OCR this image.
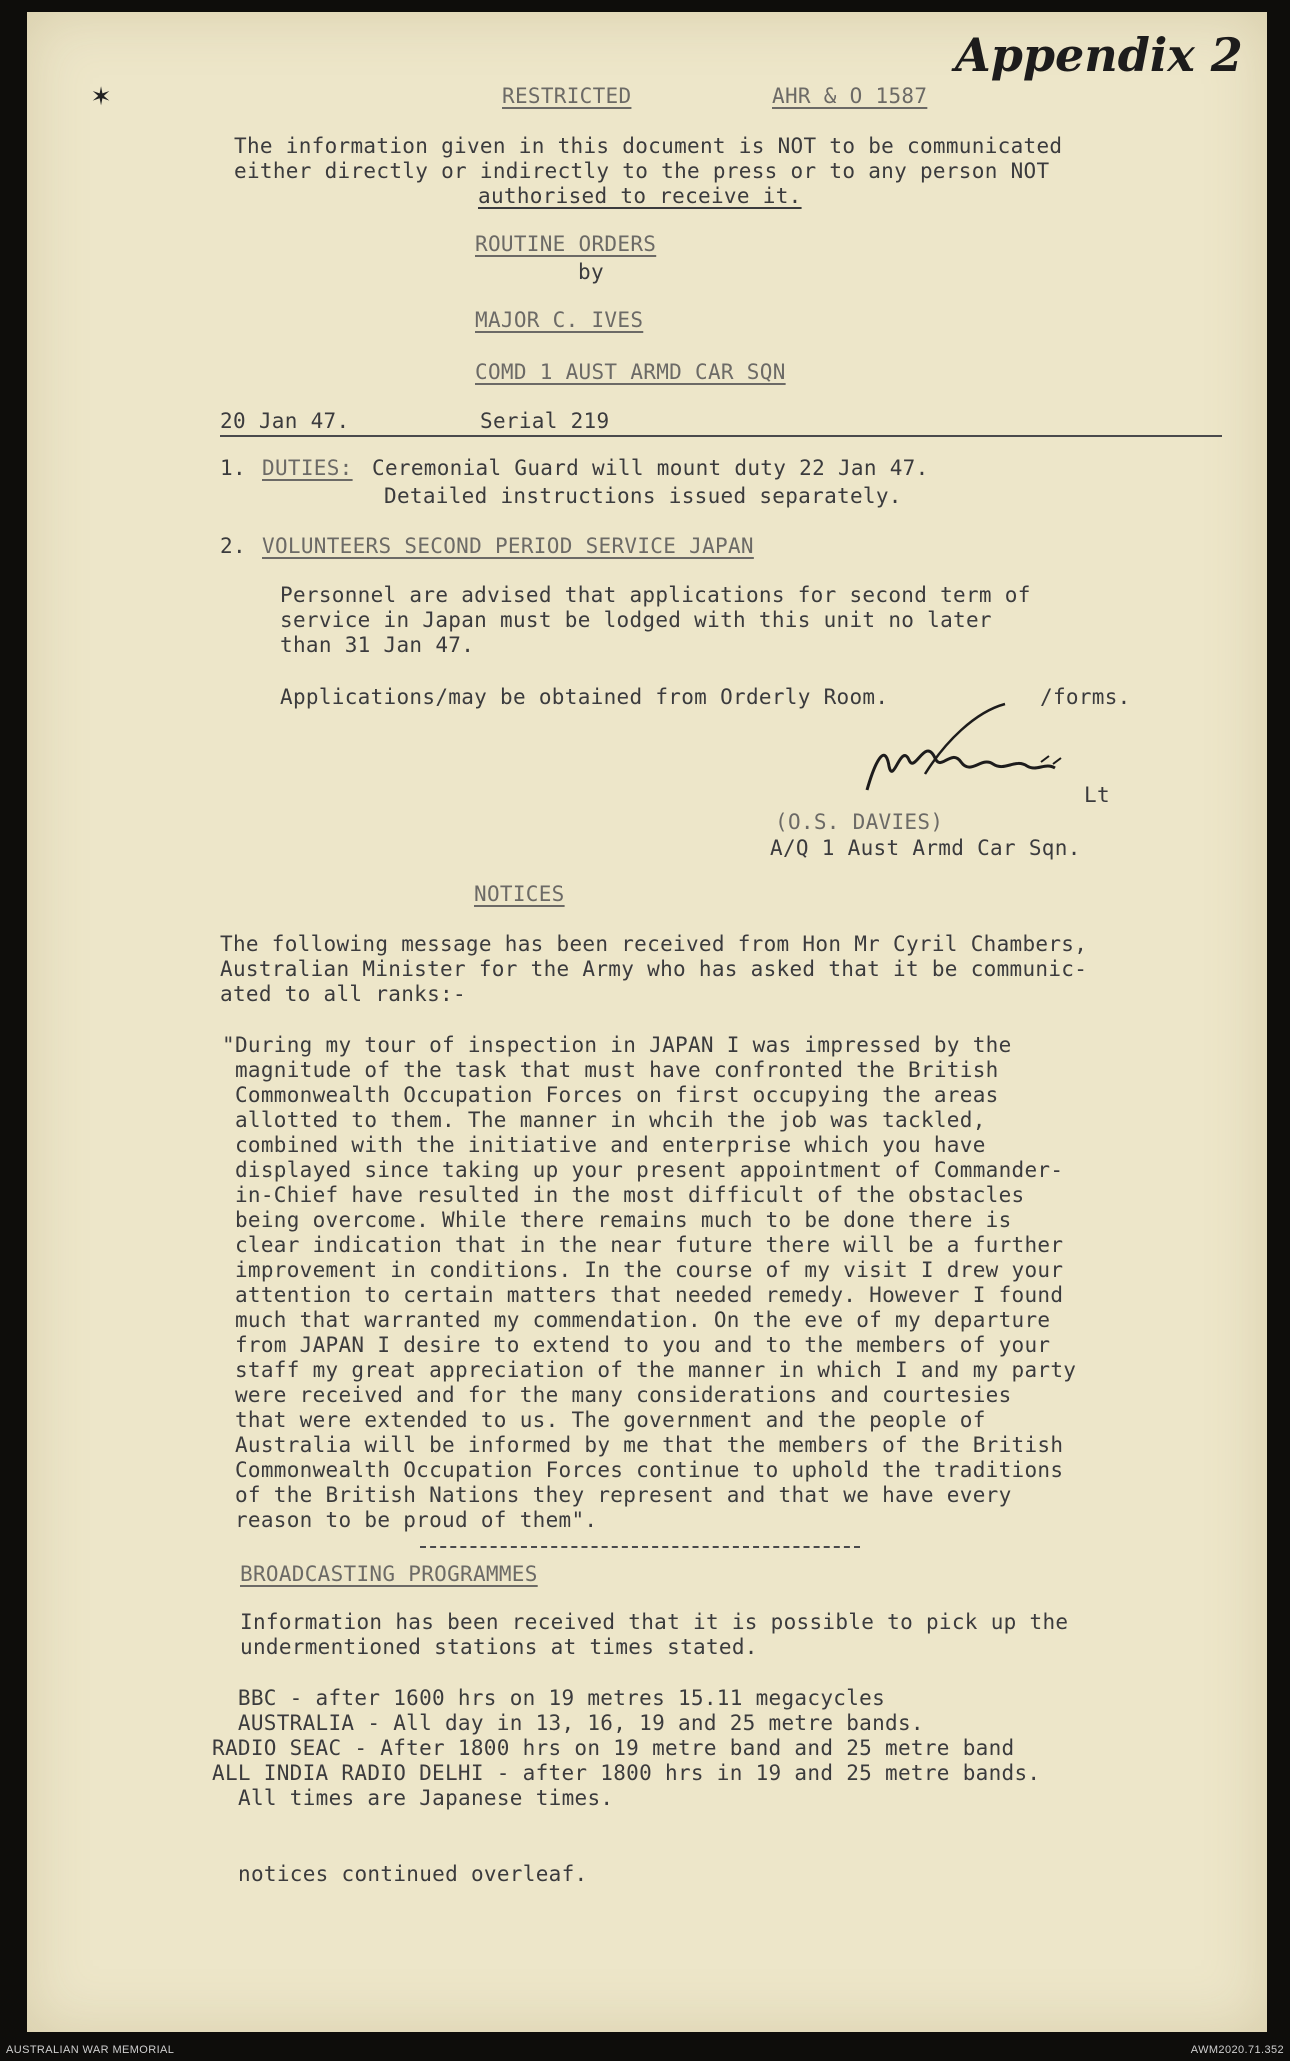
Appendix 2
✶	RESTRICTED	AHR & O 1587
The information given in this document is NOT to be communicated
either directly or indirectly to the press or to any person NOT
authorised to receive it.
ROUTINE ORDERS
by
MAJOR C. IVES
COMD 1 AUST ARMD CAR SQN
20 Jan 47.	Serial 219
1. DUTIES: Ceremonial Guard will mount duty 22 Jan 47.
Detailed instructions issued separately.
2. VOLUNTEERS SECOND PERIOD SERVICE JAPAN
Personnel are advised that applications for second term of
service in Japan must be lodged with this unit no later
than 31 Jan 47.
Applications/may be obtained from Orderly Room.	/forms.
Lt
(O.S. DAVIES)
A/Q 1 Aust Armd Car Sqn.
NOTICES
The following message has been received from Hon Mr Cyril Chambers,
Australian Minister for the Army who has asked that it be communic-
ated to all ranks:-
"During my tour of inspection in JAPAN I was impressed by the
magnitude of the task that must have confronted the British
Commonwealth Occupation Forces on first occupying the areas
allotted to them. The manner in whcih the job was tackled,
combined with the initiative and enterprise which you have
displayed since taking up your present appointment of Commander-
in-Chief have resulted in the most difficult of the obstacles
being overcome. While there remains much to be done there is
clear indication that in the near future there will be a further
improvement in conditions. In the course of my visit I drew your
attention to certain matters that needed remedy. However I found
much that warranted my commendation. On the eve of my departure
from JAPAN I desire to extend to you and to the members of your
staff my great appreciation of the manner in which I and my party
were received and for the many considerations and courtesies
that were extended to us. The government and the people of
Australia will be informed by me that the members of the British
Commonwealth Occupation Forces continue to uphold the traditions
of the British Nations they represent and that we have every
reason to be proud of them".
BROADCASTING PROGRAMMES
Information has been received that it is possible to pick up the
undermentioned stations at times stated.
BBC - after 1600 hrs on 19 metres 15.11 megacycles
AUSTRALIA - All day in 13, 16, 19 and 25 metre bands.
RADIO SEAC - After 1800 hrs on 19 metre band and 25 metre band
ALL INDIA RADIO DELHI - after 1800 hrs in 19 and 25 metre bands.
All times are Japanese times.
notices continued overleaf.
AUSTRALIAN WAR MEMORIAL	AWM2020.71.352
